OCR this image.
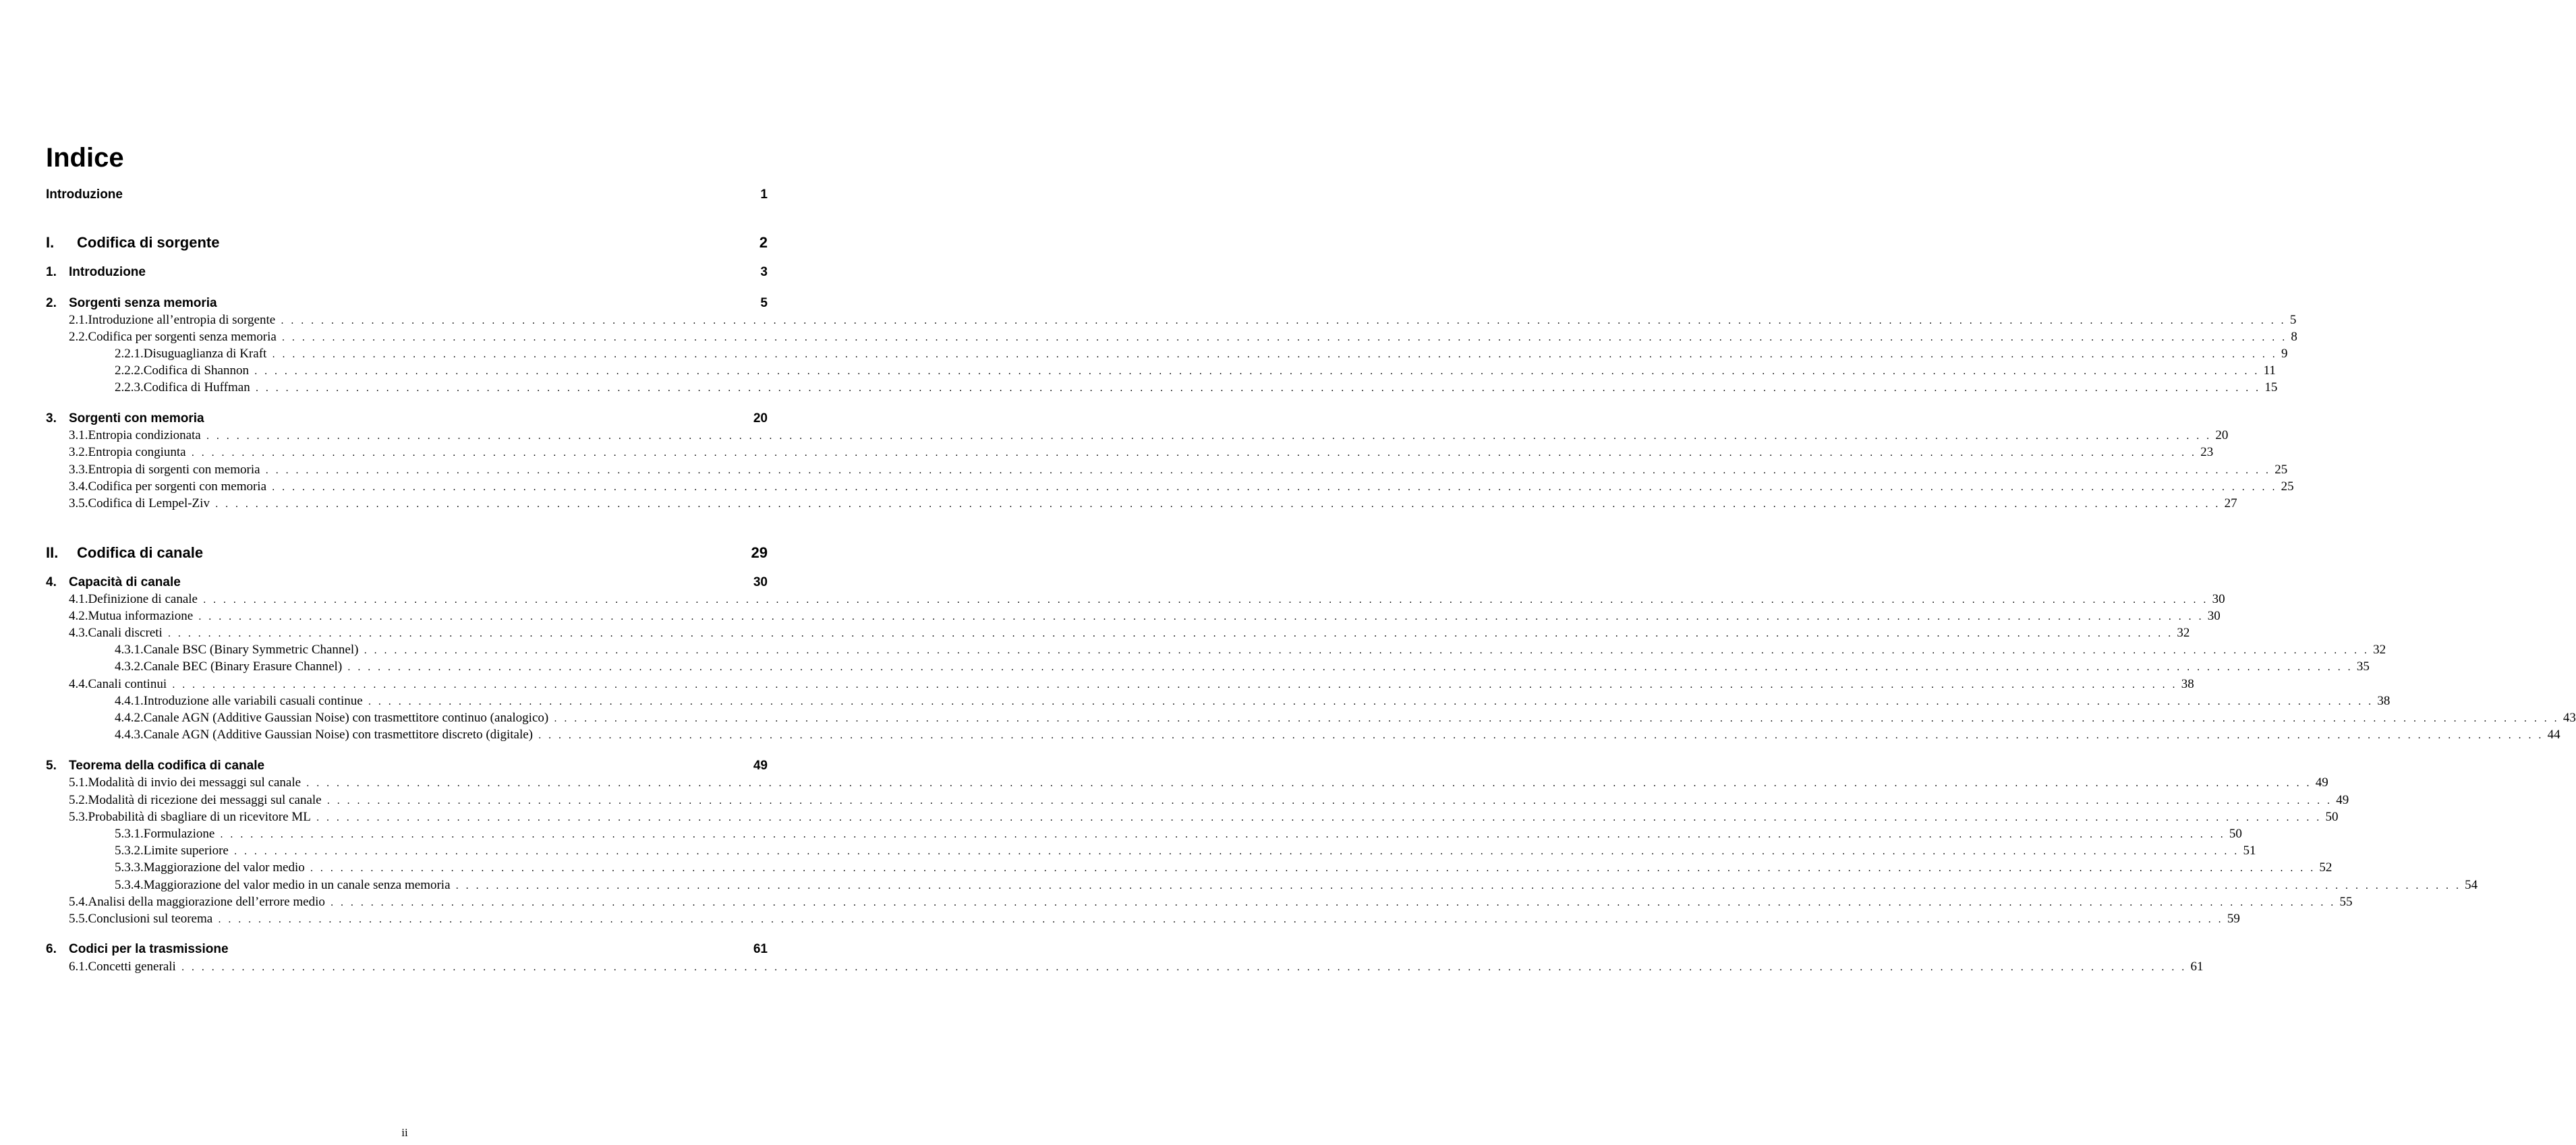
Indice
Introduzione	1
I.	Codifica di sorgente	2
1. Introduzione	3
2. Sorgenti senza memoria	5
2.1. Introduzione all’entropia di sorgente . . . . . . . . . . . . . . . . . . . . . . . . . . . . . . . . . . . . . . . . . . . . . . . . . . . . . . . . . . . . . . . . . . . . . . . . . . . . . . . . . . . . . . . . . . . . . . . . . . . . . . . . . . . . . . . . . . . . . . . . . . . . . . . . . . . . . . . . . . . . . . . . . . . . . . . . . . . . . . . . . . . . . . . . . . . . . . . . . . . . . . . . . . . . . . . . . . . . . . . . 5
2.2. Codifica per sorgenti senza memoria . . . . . . . . . . . . . . . . . . . . . . . . . . . . . . . . . . . . . . . . . . . . . . . . . . . . . . . . . . . . . . . . . . . . . . . . . . . . . . . . . . . . . . . . . . . . . . . . . . . . . . . . . . . . . . . . . . . . . . . . . . . . . . . . . . . . . . . . . . . . . . . . . . . . . . . . . . . . . . . . . . . . . . . . . . . . . . . . . . . . . . . . . . . . . . . . . . . . . . . . 8
2.2.1. Disuguaglianza di Kraft . . . . . . . . . . . . . . . . . . . . . . . . . . . . . . . . . . . . . . . . . . . . . . . . . . . . . . . . . . . . . . . . . . . . . . . . . . . . . . . . . . . . . . . . . . . . . . . . . . . . . . . . . . . . . . . . . . . . . . . . . . . . . . . . . . . . . . . . . . . . . . . . . . . . . . . . . . . . . . . . . . . . . . . . . . . . . . . . . . . . . . . . . . . . . . . . . . . . . . . . 9
2.2.2. Codifica di Shannon . . . . . . . . . . . . . . . . . . . . . . . . . . . . . . . . . . . . . . . . . . . . . . . . . . . . . . . . . . . . . . . . . . . . . . . . . . . . . . . . . . . . . . . . . . . . . . . . . . . . . . . . . . . . . . . . . . . . . . . . . . . . . . . . . . . . . . . . . . . . . . . . . . . . . . . . . . . . . . . . . . . . . . . . . . . . . . . . . . . . . . . . . . . . . . . . . . . . . . . . 11
2.2.3. Codifica di Huffman . . . . . . . . . . . . . . . . . . . . . . . . . . . . . . . . . . . . . . . . . . . . . . . . . . . . . . . . . . . . . . . . . . . . . . . . . . . . . . . . . . . . . . . . . . . . . . . . . . . . . . . . . . . . . . . . . . . . . . . . . . . . . . . . . . . . . . . . . . . . . . . . . . . . . . . . . . . . . . . . . . . . . . . . . . . . . . . . . . . . . . . . . . . . . . . . . . . . . . . . 15
3. Sorgenti con memoria	20
3.1. Entropia condizionata . . . . . . . . . . . . . . . . . . . . . . . . . . . . . . . . . . . . . . . . . . . . . . . . . . . . . . . . . . . . . . . . . . . . . . . . . . . . . . . . . . . . . . . . . . . . . . . . . . . . . . . . . . . . . . . . . . . . . . . . . . . . . . . . . . . . . . . . . . . . . . . . . . . . . . . . . . . . . . . . . . . . . . . . . . . . . . . . . . . . . . . . . . . . . . . . . . . . . . . . 20
3.2. Entropia congiunta . . . . . . . . . . . . . . . . . . . . . . . . . . . . . . . . . . . . . . . . . . . . . . . . . . . . . . . . . . . . . . . . . . . . . . . . . . . . . . . . . . . . . . . . . . . . . . . . . . . . . . . . . . . . . . . . . . . . . . . . . . . . . . . . . . . . . . . . . . . . . . . . . . . . . . . . . . . . . . . . . . . . . . . . . . . . . . . . . . . . . . . . . . . . . . . . . . . . . . . . 23
3.3. Entropia di sorgenti con memoria . . . . . . . . . . . . . . . . . . . . . . . . . . . . . . . . . . . . . . . . . . . . . . . . . . . . . . . . . . . . . . . . . . . . . . . . . . . . . . . . . . . . . . . . . . . . . . . . . . . . . . . . . . . . . . . . . . . . . . . . . . . . . . . . . . . . . . . . . . . . . . . . . . . . . . . . . . . . . . . . . . . . . . . . . . . . . . . . . . . . . . . . . . . . . . . . . . . . . . . . 25
3.4. Codifica per sorgenti con memoria . . . . . . . . . . . . . . . . . . . . . . . . . . . . . . . . . . . . . . . . . . . . . . . . . . . . . . . . . . . . . . . . . . . . . . . . . . . . . . . . . . . . . . . . . . . . . . . . . . . . . . . . . . . . . . . . . . . . . . . . . . . . . . . . . . . . . . . . . . . . . . . . . . . . . . . . . . . . . . . . . . . . . . . . . . . . . . . . . . . . . . . . . . . . . . . . . . . . . . . . 25
3.5. Codifica di Lempel-Ziv . . . . . . . . . . . . . . . . . . . . . . . . . . . . . . . . . . . . . . . . . . . . . . . . . . . . . . . . . . . . . . . . . . . . . . . . . . . . . . . . . . . . . . . . . . . . . . . . . . . . . . . . . . . . . . . . . . . . . . . . . . . . . . . . . . . . . . . . . . . . . . . . . . . . . . . . . . . . . . . . . . . . . . . . . . . . . . . . . . . . . . . . . . . . . . . . . . . . . . . . 27
II.	Codifica di canale	29
4. Capacità di canale	30
4.1. Definizione di canale . . . . . . . . . . . . . . . . . . . . . . . . . . . . . . . . . . . . . . . . . . . . . . . . . . . . . . . . . . . . . . . . . . . . . . . . . . . . . . . . . . . . . . . . . . . . . . . . . . . . . . . . . . . . . . . . . . . . . . . . . . . . . . . . . . . . . . . . . . . . . . . . . . . . . . . . . . . . . . . . . . . . . . . . . . . . . . . . . . . . . . . . . . . . . . . . . . . . . . . . 30
4.2. Mutua informazione . . . . . . . . . . . . . . . . . . . . . . . . . . . . . . . . . . . . . . . . . . . . . . . . . . . . . . . . . . . . . . . . . . . . . . . . . . . . . . . . . . . . . . . . . . . . . . . . . . . . . . . . . . . . . . . . . . . . . . . . . . . . . . . . . . . . . . . . . . . . . . . . . . . . . . . . . . . . . . . . . . . . . . . . . . . . . . . . . . . . . . . . . . . . . . . . . . . . . . . . 30
4.3. Canali discreti . . . . . . . . . . . . . . . . . . . . . . . . . . . . . . . . . . . . . . . . . . . . . . . . . . . . . . . . . . . . . . . . . . . . . . . . . . . . . . . . . . . . . . . . . . . . . . . . . . . . . . . . . . . . . . . . . . . . . . . . . . . . . . . . . . . . . . . . . . . . . . . . . . . . . . . . . . . . . . . . . . . . . . . . . . . . . . . . . . . . . . . . . . . . . . . . . . . . . . . . 32
4.3.1. Canale BSC (Binary Symmetric Channel) . . . . . . . . . . . . . . . . . . . . . . . . . . . . . . . . . . . . . . . . . . . . . . . . . . . . . . . . . . . . . . . . . . . . . . . . . . . . . . . . . . . . . . . . . . . . . . . . . . . . . . . . . . . . . . . . . . . . . . . . . . . . . . . . . . . . . . . . . . . . . . . . . . . . . . . . . . . . . . . . . . . . . . . . . . . . . . . . . . . . . . . . . . . . . . . . . . . . . . . . 32
4.3.2. Canale BEC (Binary Erasure Channel) . . . . . . . . . . . . . . . . . . . . . . . . . . . . . . . . . . . . . . . . . . . . . . . . . . . . . . . . . . . . . . . . . . . . . . . . . . . . . . . . . . . . . . . . . . . . . . . . . . . . . . . . . . . . . . . . . . . . . . . . . . . . . . . . . . . . . . . . . . . . . . . . . . . . . . . . . . . . . . . . . . . . . . . . . . . . . . . . . . . . . . . . . . . . . . . . . . . . . . . . 35
4.4. Canali continui . . . . . . . . . . . . . . . . . . . . . . . . . . . . . . . . . . . . . . . . . . . . . . . . . . . . . . . . . . . . . . . . . . . . . . . . . . . . . . . . . . . . . . . . . . . . . . . . . . . . . . . . . . . . . . . . . . . . . . . . . . . . . . . . . . . . . . . . . . . . . . . . . . . . . . . . . . . . . . . . . . . . . . . . . . . . . . . . . . . . . . . . . . . . . . . . . . . . . . . . 38
4.4.1. Introduzione alle variabili casuali continue . . . . . . . . . . . . . . . . . . . . . . . . . . . . . . . . . . . . . . . . . . . . . . . . . . . . . . . . . . . . . . . . . . . . . . . . . . . . . . . . . . . . . . . . . . . . . . . . . . . . . . . . . . . . . . . . . . . . . . . . . . . . . . . . . . . . . . . . . . . . . . . . . . . . . . . . . . . . . . . . . . . . . . . . . . . . . . . . . . . . . . . . . . . . . . . . . . . . . . . . 38
4.4.2. Canale AGN (Additive Gaussian Noise) con trasmettitore continuo (analogico) . . . . . . . . . . . . . . . . . . . . . . . . . . . . . . . . . . . . . . . . . . . . . . . . . . . . . . . . . . . . . . . . . . . . . . . . . . . . . . . . . . . . . . . . . . . . . . . . . . . . . . . . . . . . . . . . . . . . . . . . . . . . . . . . . . . . . . . . . . . . . . . . . . . . . . . . . . . . . . . . . . . . . . . . . . . . . . . . . . . . . . . . . . . . . . . . . . . . . . . . 43
4.4.3. Canale AGN (Additive Gaussian Noise) con trasmettitore discreto (digitale) . . . . . . . . . . . . . . . . . . . . . . . . . . . . . . . . . . . . . . . . . . . . . . . . . . . . . . . . . . . . . . . . . . . . . . . . . . . . . . . . . . . . . . . . . . . . . . . . . . . . . . . . . . . . . . . . . . . . . . . . . . . . . . . . . . . . . . . . . . . . . . . . . . . . . . . . . . . . . . . . . . . . . . . . . . . . . . . . . . . . . . . . . . . . . . . . . . . . . . . . 44
5. Teorema della codifica di canale	49
5.1. Modalità di invio dei messaggi sul canale . . . . . . . . . . . . . . . . . . . . . . . . . . . . . . . . . . . . . . . . . . . . . . . . . . . . . . . . . . . . . . . . . . . . . . . . . . . . . . . . . . . . . . . . . . . . . . . . . . . . . . . . . . . . . . . . . . . . . . . . . . . . . . . . . . . . . . . . . . . . . . . . . . . . . . . . . . . . . . . . . . . . . . . . . . . . . . . . . . . . . . . . . . . . . . . . . . . . . . . . 49
5.2. Modalità di ricezione dei messaggi sul canale . . . . . . . . . . . . . . . . . . . . . . . . . . . . . . . . . . . . . . . . . . . . . . . . . . . . . . . . . . . . . . . . . . . . . . . . . . . . . . . . . . . . . . . . . . . . . . . . . . . . . . . . . . . . . . . . . . . . . . . . . . . . . . . . . . . . . . . . . . . . . . . . . . . . . . . . . . . . . . . . . . . . . . . . . . . . . . . . . . . . . . . . . . . . . . . . . . . . . . . . 49
5.3. Probabilità di sbagliare di un ricevitore ML . . . . . . . . . . . . . . . . . . . . . . . . . . . . . . . . . . . . . . . . . . . . . . . . . . . . . . . . . . . . . . . . . . . . . . . . . . . . . . . . . . . . . . . . . . . . . . . . . . . . . . . . . . . . . . . . . . . . . . . . . . . . . . . . . . . . . . . . . . . . . . . . . . . . . . . . . . . . . . . . . . . . . . . . . . . . . . . . . . . . . . . . . . . . . . . . . . . . . . . . 50
5.3.1. Formulazione . . . . . . . . . . . . . . . . . . . . . . . . . . . . . . . . . . . . . . . . . . . . . . . . . . . . . . . . . . . . . . . . . . . . . . . . . . . . . . . . . . . . . . . . . . . . . . . . . . . . . . . . . . . . . . . . . . . . . . . . . . . . . . . . . . . . . . . . . . . . . . . . . . . . . . . . . . . . . . . . . . . . . . . . . . . . . . . . . . . . . . . . . . . . . . . . . . . . . . . . 50
5.3.2. Limite superiore . . . . . . . . . . . . . . . . . . . . . . . . . . . . . . . . . . . . . . . . . . . . . . . . . . . . . . . . . . . . . . . . . . . . . . . . . . . . . . . . . . . . . . . . . . . . . . . . . . . . . . . . . . . . . . . . . . . . . . . . . . . . . . . . . . . . . . . . . . . . . . . . . . . . . . . . . . . . . . . . . . . . . . . . . . . . . . . . . . . . . . . . . . . . . . . . . . . . . . . . 51
5.3.3. Maggiorazione del valor medio . . . . . . . . . . . . . . . . . . . . . . . . . . . . . . . . . . . . . . . . . . . . . . . . . . . . . . . . . . . . . . . . . . . . . . . . . . . . . . . . . . . . . . . . . . . . . . . . . . . . . . . . . . . . . . . . . . . . . . . . . . . . . . . . . . . . . . . . . . . . . . . . . . . . . . . . . . . . . . . . . . . . . . . . . . . . . . . . . . . . . . . . . . . . . . . . . . . . . . . . 52
5.3.4. Maggiorazione del valor medio in un canale senza memoria . . . . . . . . . . . . . . . . . . . . . . . . . . . . . . . . . . . . . . . . . . . . . . . . . . . . . . . . . . . . . . . . . . . . . . . . . . . . . . . . . . . . . . . . . . . . . . . . . . . . . . . . . . . . . . . . . . . . . . . . . . . . . . . . . . . . . . . . . . . . . . . . . . . . . . . . . . . . . . . . . . . . . . . . . . . . . . . . . . . . . . . . . . . . . . . . . . . . . . . . 54
5.4. Analisi della maggiorazione dell’errore medio . . . . . . . . . . . . . . . . . . . . . . . . . . . . . . . . . . . . . . . . . . . . . . . . . . . . . . . . . . . . . . . . . . . . . . . . . . . . . . . . . . . . . . . . . . . . . . . . . . . . . . . . . . . . . . . . . . . . . . . . . . . . . . . . . . . . . . . . . . . . . . . . . . . . . . . . . . . . . . . . . . . . . . . . . . . . . . . . . . . . . . . . . . . . . . . . . . . . . . . . 55
5.5. Conclusioni sul teorema . . . . . . . . . . . . . . . . . . . . . . . . . . . . . . . . . . . . . . . . . . . . . . . . . . . . . . . . . . . . . . . . . . . . . . . . . . . . . . . . . . . . . . . . . . . . . . . . . . . . . . . . . . . . . . . . . . . . . . . . . . . . . . . . . . . . . . . . . . . . . . . . . . . . . . . . . . . . . . . . . . . . . . . . . . . . . . . . . . . . . . . . . . . . . . . . . . . . . . . . 59
6. Codici per la trasmissione	61
6.1. Concetti generali . . . . . . . . . . . . . . . . . . . . . . . . . . . . . . . . . . . . . . . . . . . . . . . . . . . . . . . . . . . . . . . . . . . . . . . . . . . . . . . . . . . . . . . . . . . . . . . . . . . . . . . . . . . . . . . . . . . . . . . . . . . . . . . . . . . . . . . . . . . . . . . . . . . . . . . . . . . . . . . . . . . . . . . . . . . . . . . . . . . . . . . . . . . . . . . . . . . . . . . . 61
ii
